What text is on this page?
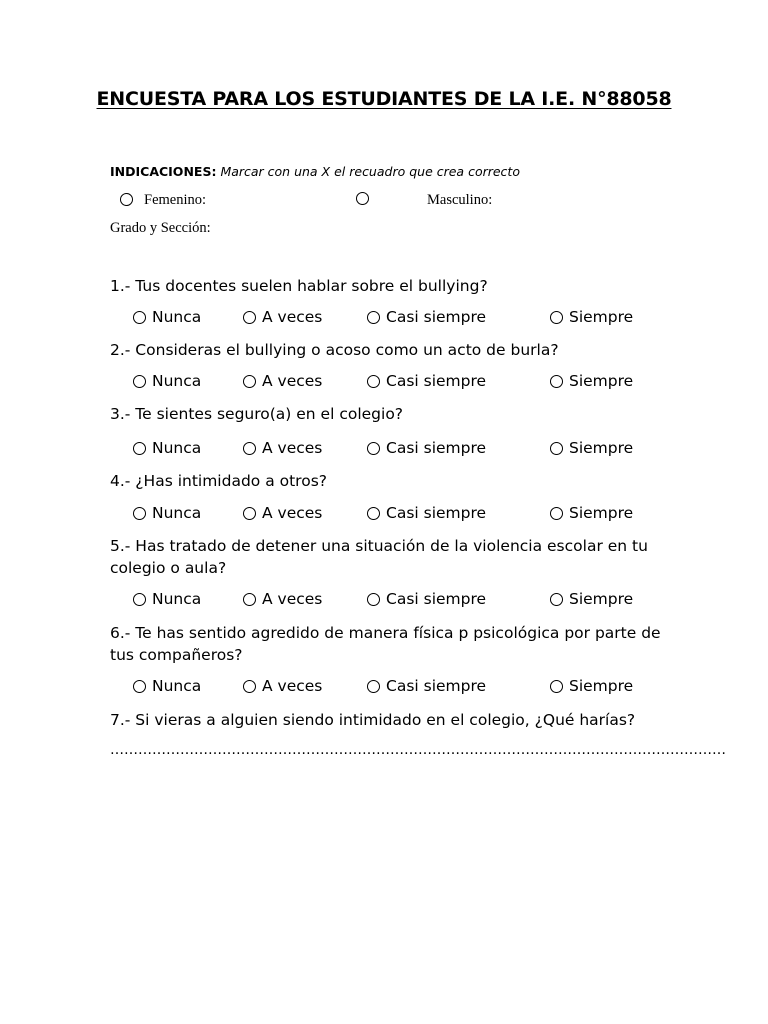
ENCUESTA PARA LOS ESTUDIANTES DE LA I.E. N°88058
INDICACIONES: Marcar con una X el recuadro que crea correcto
Femenino:	Masculino:
Grado y Sección:
1.- Tus docentes suelen hablar sobre el bullying?
Nunca	A veces	Casi siempre	Siempre
2.- Consideras el bullying o acoso como un acto de burla?
Nunca	A veces	Casi siempre	Siempre
3.- Te sientes seguro(a) en el colegio?
Nunca	A veces	Casi siempre	Siempre
4.- ¿Has intimidado a otros?
Nunca	A veces	Casi siempre	Siempre
5.- Has tratado de detener una situación de la violencia escolar en tu colegio o aula?
Nunca	A veces	Casi siempre	Siempre
6.- Te has sentido agredido de manera física p psicológica por parte de tus compañeros?
Nunca	A veces	Casi siempre	Siempre
7.- Si vieras a alguien siendo intimidado en el colegio, ¿Qué harías?
……………………………………………………………………………………………………………………
